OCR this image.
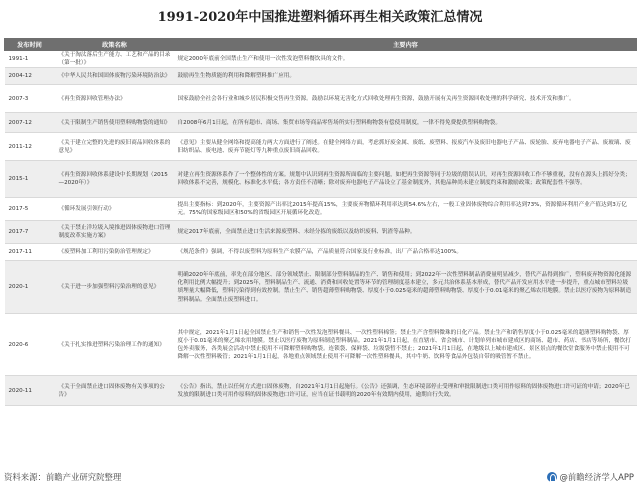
1991-2020年中国推进塑料循环再生相关政策汇总情况
发布时间	政策名称	主要内容
1991-1	《关于淘汰落后生产能力、工艺和产品的目录（第一批）》	规定2000年底前全国禁止生产和使用一次性发泡塑料餐饮具的文件。
2004-12	《中华人民共和国固体废物污染环境防治法》	鼓励再生生物质能的利用和降解塑料推广应用。
2007-3	《再生资源回收管理办法》	国家鼓励全社会各行业和城乡居民积极交售再生资源。鼓励以环境无害化方式回收处理再生资源，鼓励开展有关再生资源回收处理的科学研究、技术开发和推广。
2007-12	《关于限制生产销售使用塑料购物袋的通知》	自2008年6月1日起，在所有超市、商场、集贸市场等商品零售场所实行塑料购物袋有偿使用制度，一律不得免费提供塑料购物袋。
2011-12	《关于建立完整的先进的废旧商品回收体系的意见》	《意见》主要从健全网络和提高能力两大方面进行了阐述。在健全网络方面，考虑抓好废金属、废纸、废塑料、报废汽车及废旧电器电子产品、废轮胎、废弃电器电子产品、废玻璃、废旧纺织品、废电池、废弃节能灯等九种重点废旧商品回收。
2015-1	《再生资源回收体系建设中长期规划（2015—2020年）》	对建立再生资源体系作了一个整体性的方案。规划中认识到再生资源所面临的主要问题，如把再生资源等同于垃圾的错误认识，对再生资源回收工作不够重视，没有在源头上抓好分类；回收体系不完善，规模化、标准化水平低；各方责任不清晰；除对废弃电器电子产品设立了基金制度外，其他品种尚未建立制度约束和激励政策；政策配套性不强等。
2017-5	《循环发展引领行动》	提出主要指标：到2020年，主要资源产出率比2015年提高15%，主要废弃物循环利用率达到54.6%左右，一般工业固体废物综合利用率达到73%，资源循环利用产业产值达到3万亿元。75%的国家级园区和50%的省级园区开展循环化改造。
2017-7	《关于禁止洋垃圾入境推进固体废物进口管理制度改革实施方案》	规定2017年底前，全面禁止进口生活来源废塑料、未经分拣的废纸以及纺织废料、钒渣等品种。
2017-11	《废塑料加工利用污染防治管理规定》	《规范条件》强调，不得以废塑料为原料生产农膜产品，产品质量符合国家及行业标准，出厂产品合格率达100%。
2020-1	《关于进一步加强塑料污染治理的意见》	明确2020年年底前，率先在部分地区、部分领域禁止、限制部分塑料制品的生产、销售和使用；到2022年一次性塑料制品消费量明显减少，替代产品得到推广，塑料废弃物资源化能源化利用比例大幅提升；到2025年，塑料制品生产、流通、消费和回收处置等环节的管理制度基本建立，多元共治体系基本形成，替代产品开发应用水平进一步提升，重点城市塑料垃圾填埋量大幅降低，塑料污染得到有效控制。禁止生产、销售超薄塑料购物袋、厚度小于0.025毫米的超薄塑料购物袋、厚度小于0.01毫米的聚乙烯农用地膜。禁止以医疗废物为原料制造塑料制品。全面禁止废塑料进口。
2020-6	《关于扎实推进塑料污染治理工作的通知》	其中规定，2021年1月1日起全国禁止生产和销售一次性发泡塑料餐具、一次性塑料棉签；禁止生产含塑料微珠的日化产品。禁止生产和销售厚度小于0.025毫米的超薄塑料购物袋、厚度小于0.01毫米的聚乙烯农用地膜。禁止以医疗废物为原料制造塑料制品。2021年1月1日起，在直辖市、省会城市、计划单列市城市建成区的商场、超市、药店、书店等场所，餐饮打包外卖服务，各类展会活动中禁止使用不可降解塑料购物袋。连锁袋、保鲜袋、垃圾袋暂不禁止；2021年1月1日起，在地级以上城市建成区、景区景点的餐饮堂食服务中禁止使用不可降解一次性塑料吸管；2021年1月1日起，各地重点领域禁止使用不可降解一次性塑料餐具，其中牛奶、饮料等食品外包装自带的吸管暂不禁止。
2020-11	《关于全面禁止进口固体废物有关事项的公告》	《公告》指出，禁止以任何方式进口固体废物，自2021年1月1日起施行。《公告》还强调，生态环境部停止受理和审批限制进口类可用作原料的固体废物进口许可证的申请；2020年已发放的限制进口类可用作原料的固体废物进口许可证，应当在证书载明的2020年有效期内使用，逾期自行失效。
资料来源：前瞻产业研究院整理	@前瞻经济学人APP
